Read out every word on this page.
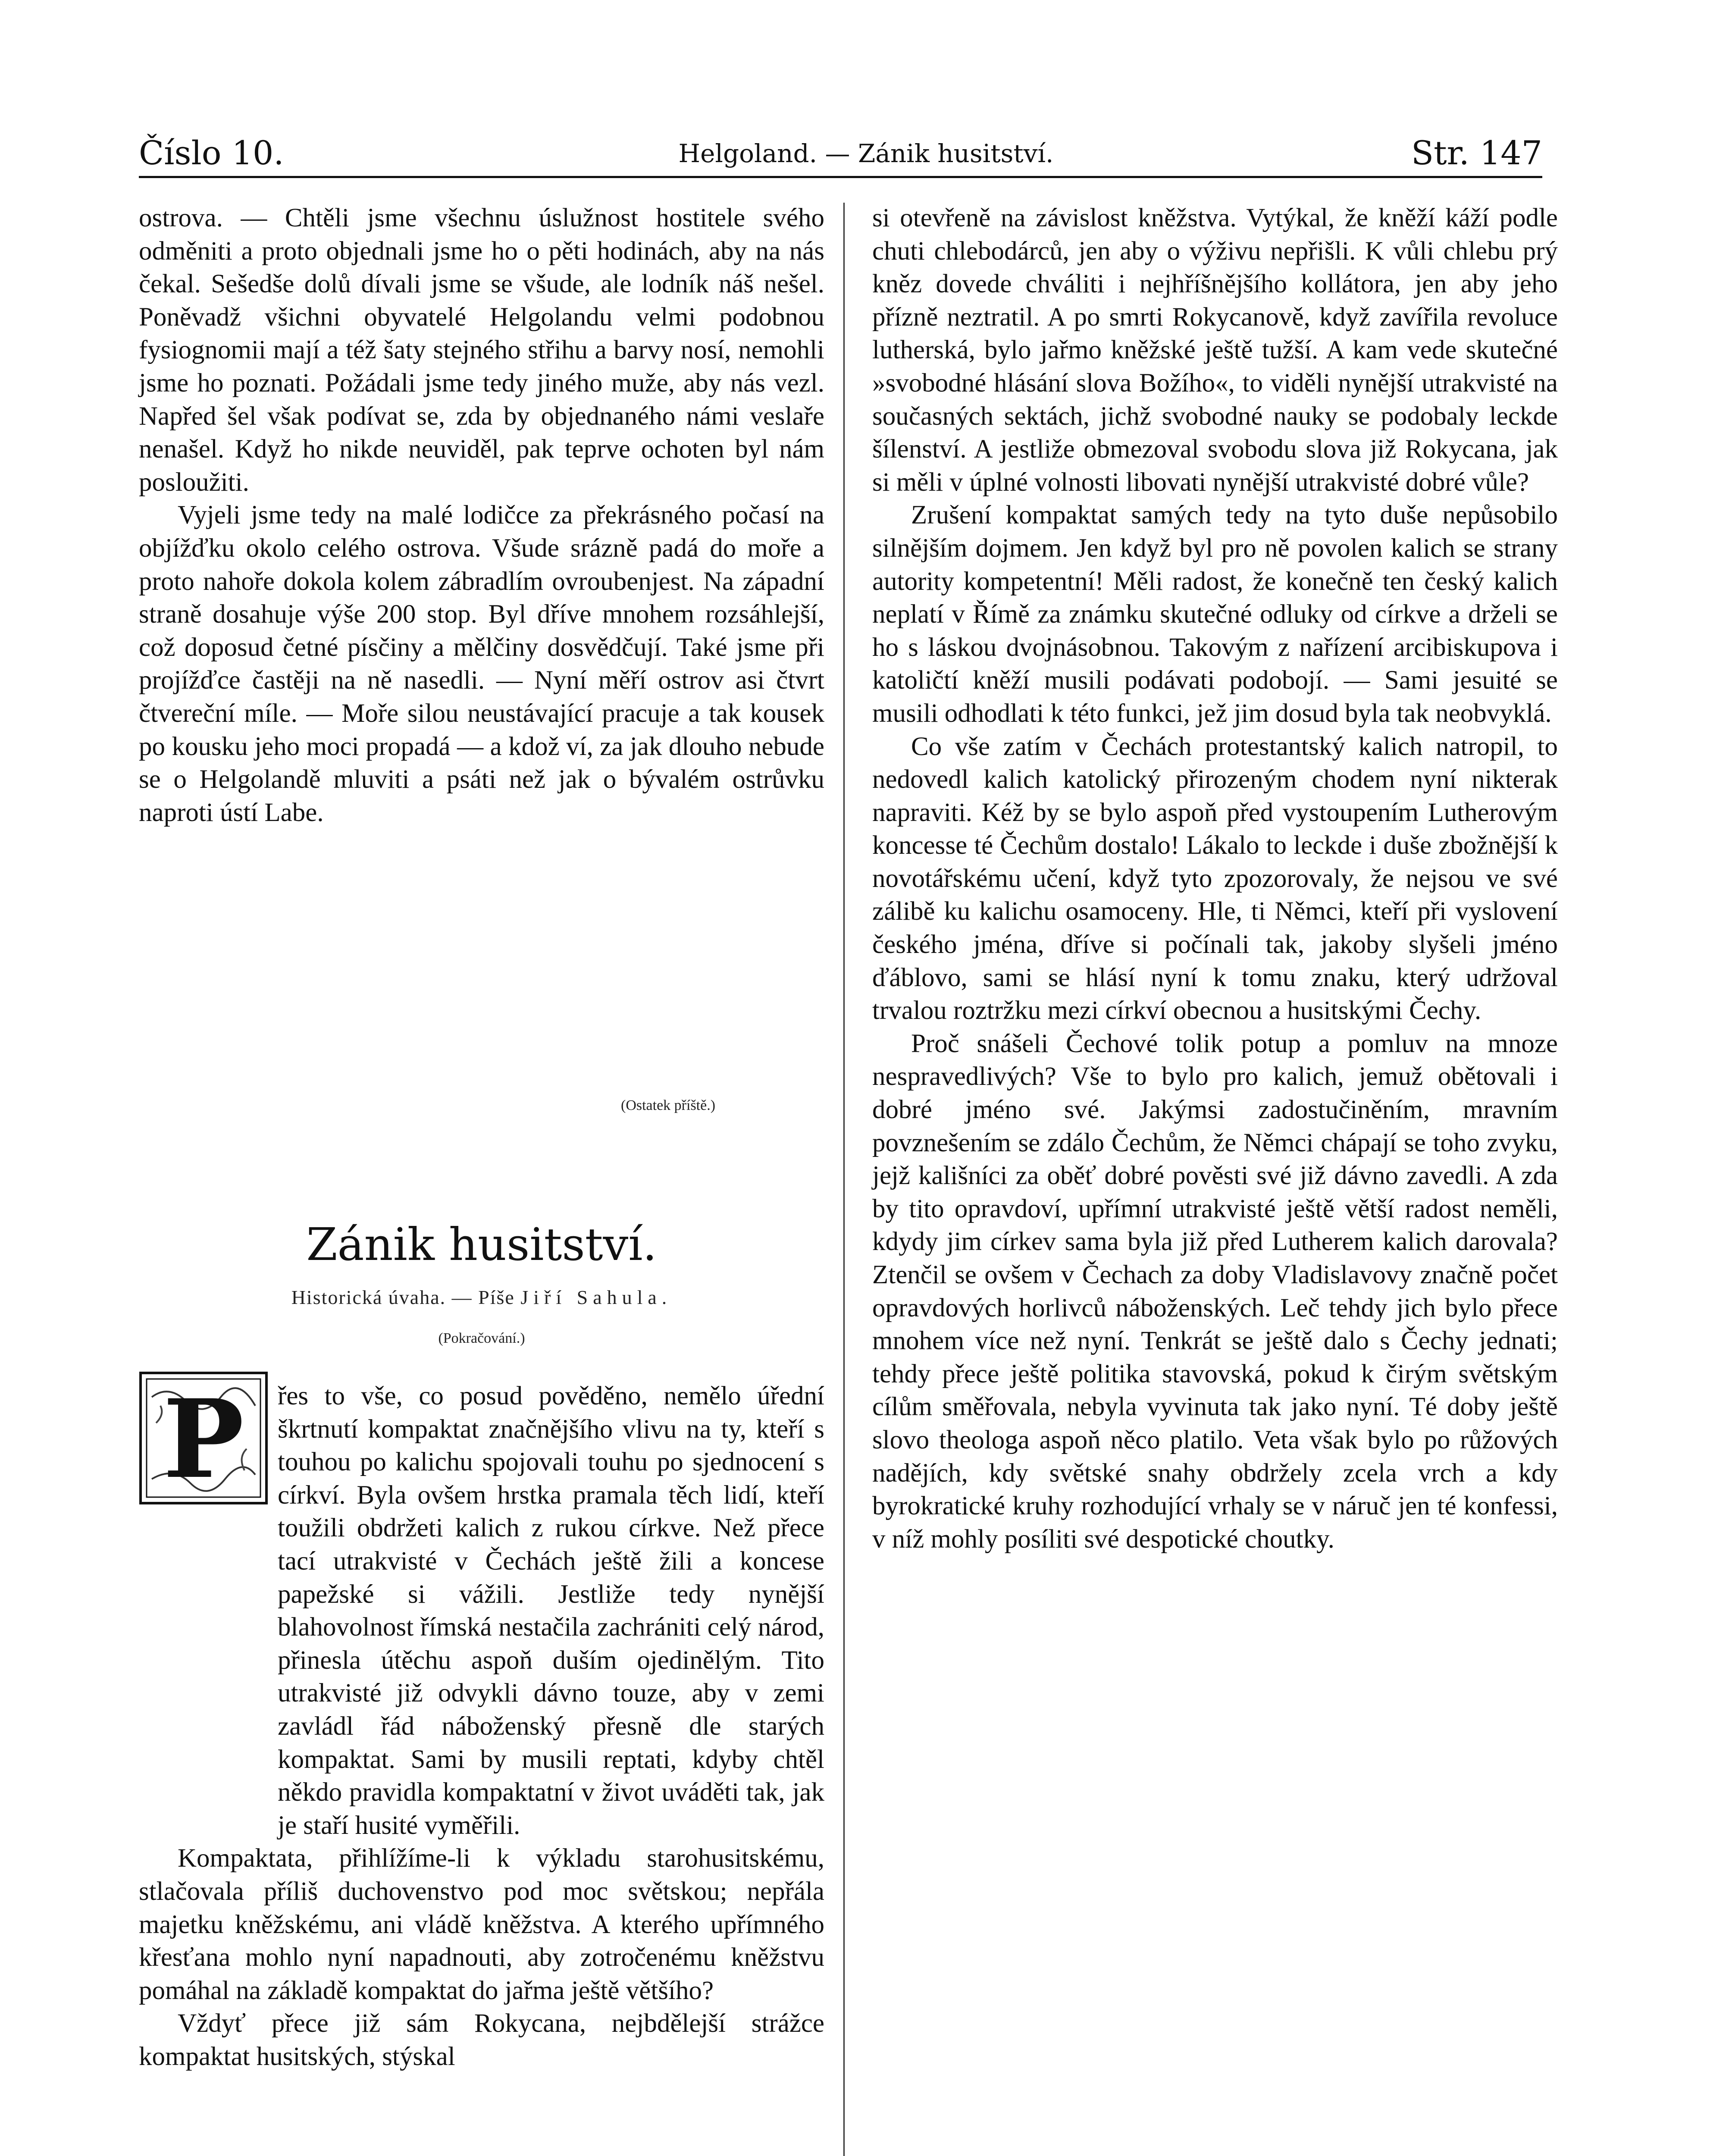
Číslo 10.	Helgoland. — Zánik husitství.	Str. 147

ostrova. — Chtěli jsme všechnu úslužnost hostitele svého odměniti a proto objednali jsme ho o pěti hodinách, aby na nás čekal. Sešedše dolů dívali jsme se všude, ale lodník náš nešel. Poněvadž všichni obyvatelé Helgolandu velmi podobnou fysiognomii mají a též šaty stejného střihu a barvy nosí, nemohli jsme ho poznati. Požádali jsme tedy jiného muže, aby nás vezl. Napřed šel však podívat se, zda by objednaného námi veslaře nenašel. Když ho nikde neuviděl, pak teprve ochoten byl nám posloužiti.

Vyjeli jsme tedy na malé lodičce za překrásného počasí na objížďku okolo celého ostrova. Všude srázně padá do moře a proto nahoře dokola kolem zábradlím ovroubenjest. Na západní straně dosahuje výše 200 stop. Byl dříve mnohem rozsáhlejší, což doposud četné písčiny a mělčiny dosvědčují. Také jsme při projížďce častěji na ně nasedli. — Nyní měří ostrov asi čtvrt čtvereční míle. — Moře silou neustávající pracuje a tak kousek po kousku jeho moci propadá — a kdož ví, za jak dlouho nebude se o Helgolandě mluviti a psáti než jak o bývalém ostrůvku naproti ústí Labe.

(Ostatek příště.)
Zánik husitství.
Historická úvaha. — Píše Jiří Sahula.
(Pokračování.)
P	řes to vše, co posud pověděno, nemělo úřední škrtnutí kompaktat značnějšího vlivu na ty, kteří s touhou po kalichu spojovali touhu po sjednocení s církví. Byla ovšem hrstka pramala těch lidí, kteří toužili obdržeti kalich z rukou církve. Než přece tací utrakvisté v Čechách ještě žili a koncese papežské si vážili. Jestliže tedy nynější blahovolnost římská nestačila zachrániti celý národ, přinesla útěchu aspoň duším ojedinělým. Tito utrakvisté již odvykli dávno touze, aby v zemi zavládl řád náboženský přesně dle starých kompaktat. Sami by musili reptati, kdyby chtěl někdo pravidla kompaktatní v život uváděti tak, jak je staří husité vyměřili.

Kompaktata, přihlížíme-li k výkladu starohusitskému, stlačovala příliš duchovenstvo pod moc světskou; nepřála majetku kněžskému, ani vládě kněžstva. A kterého upřímného křesťana mohlo nyní napadnouti, aby zotročenému kněžstvu pomáhal na základě kompaktat do jařma ještě většího?

Vždyť přece již sám Rokycana, nejbdělejší strážce kompaktat husitských, stýskal

si otevřeně na závislost kněžstva. Vytýkal, že kněží káží podle chuti chlebodárců, jen aby o výživu nepřišli. K vůli chlebu prý kněz dovede chváliti i nejhříšnějšího kollátora, jen aby jeho přízně neztratil. A po smrti Rokycanově, když zavířila revoluce lutherská, bylo jařmo kněžské ještě tužší. A kam vede skutečné »svobodné hlásání slova Božího«, to viděli nynější utrakvisté na současných sektách, jichž svobodné nauky se podobaly leckde šílenství. A jestliže obmezoval svobodu slova již Rokycana, jak si měli v úplné volnosti libovati nynější utrakvisté dobré vůle?

Zrušení kompaktat samých tedy na tyto duše nepůsobilo silnějším dojmem. Jen když byl pro ně povolen kalich se strany autority kompetentní! Měli radost, že konečně ten český kalich neplatí v Římě za známku skutečné odluky od církve a drželi se ho s láskou dvojnásobnou. Takovým z nařízení arcibiskupova i katoličtí kněží musili podávati podobojí. — Sami jesuité se musili odhodlati k této funkci, jež jim dosud byla tak neobvyklá.

Co vše zatím v Čechách protestantský kalich natropil, to nedovedl kalich katolický přirozeným chodem nyní nikterak napraviti. Kéž by se bylo aspoň před vystoupením Lutherovým koncesse té Čechům dostalo! Lákalo to leckde i duše zbožnější k novotářskému učení, když tyto zpozorovaly, že nejsou ve své zálibě ku kalichu osamoceny. Hle, ti Němci, kteří při vyslovení českého jména, dříve si počínali tak, jakoby slyšeli jméno ďáblovo, sami se hlásí nyní k tomu znaku, který udržoval trvalou roztržku mezi církví obecnou a husitskými Čechy.

Proč snášeli Čechové tolik potup a pomluv na mnoze nespravedlivých? Vše to bylo pro kalich, jemuž obětovali i dobré jméno své. Jakýmsi zadostučiněním, mravním povznešením se zdálo Čechům, že Němci chápají se toho zvyku, jejž kališníci za oběť dobré pověsti své již dávno zavedli. A zda by tito opravdoví, upřímní utrakvisté ještě větší radost neměli, kdydy jim církev sama byla již před Lutherem kalich darovala? Ztenčil se ovšem v Čechach za doby Vladislavovy značně počet opravdových horlivců náboženských. Leč tehdy jich bylo přece mnohem více než nyní. Tenkrát se ještě dalo s Čechy jednati; tehdy přece ještě politika stavovská, pokud k čirým světským cílům směřovala, nebyla vyvinuta tak jako nyní. Té doby ještě slovo theologa aspoň něco platilo. Veta však bylo po růžových nadějích, kdy světské snahy obdržely zcela vrch a kdy byrokratické kruhy rozhodující vrhaly se v náruč jen té konfessi, v níž mohly posíliti své despotické choutky.
